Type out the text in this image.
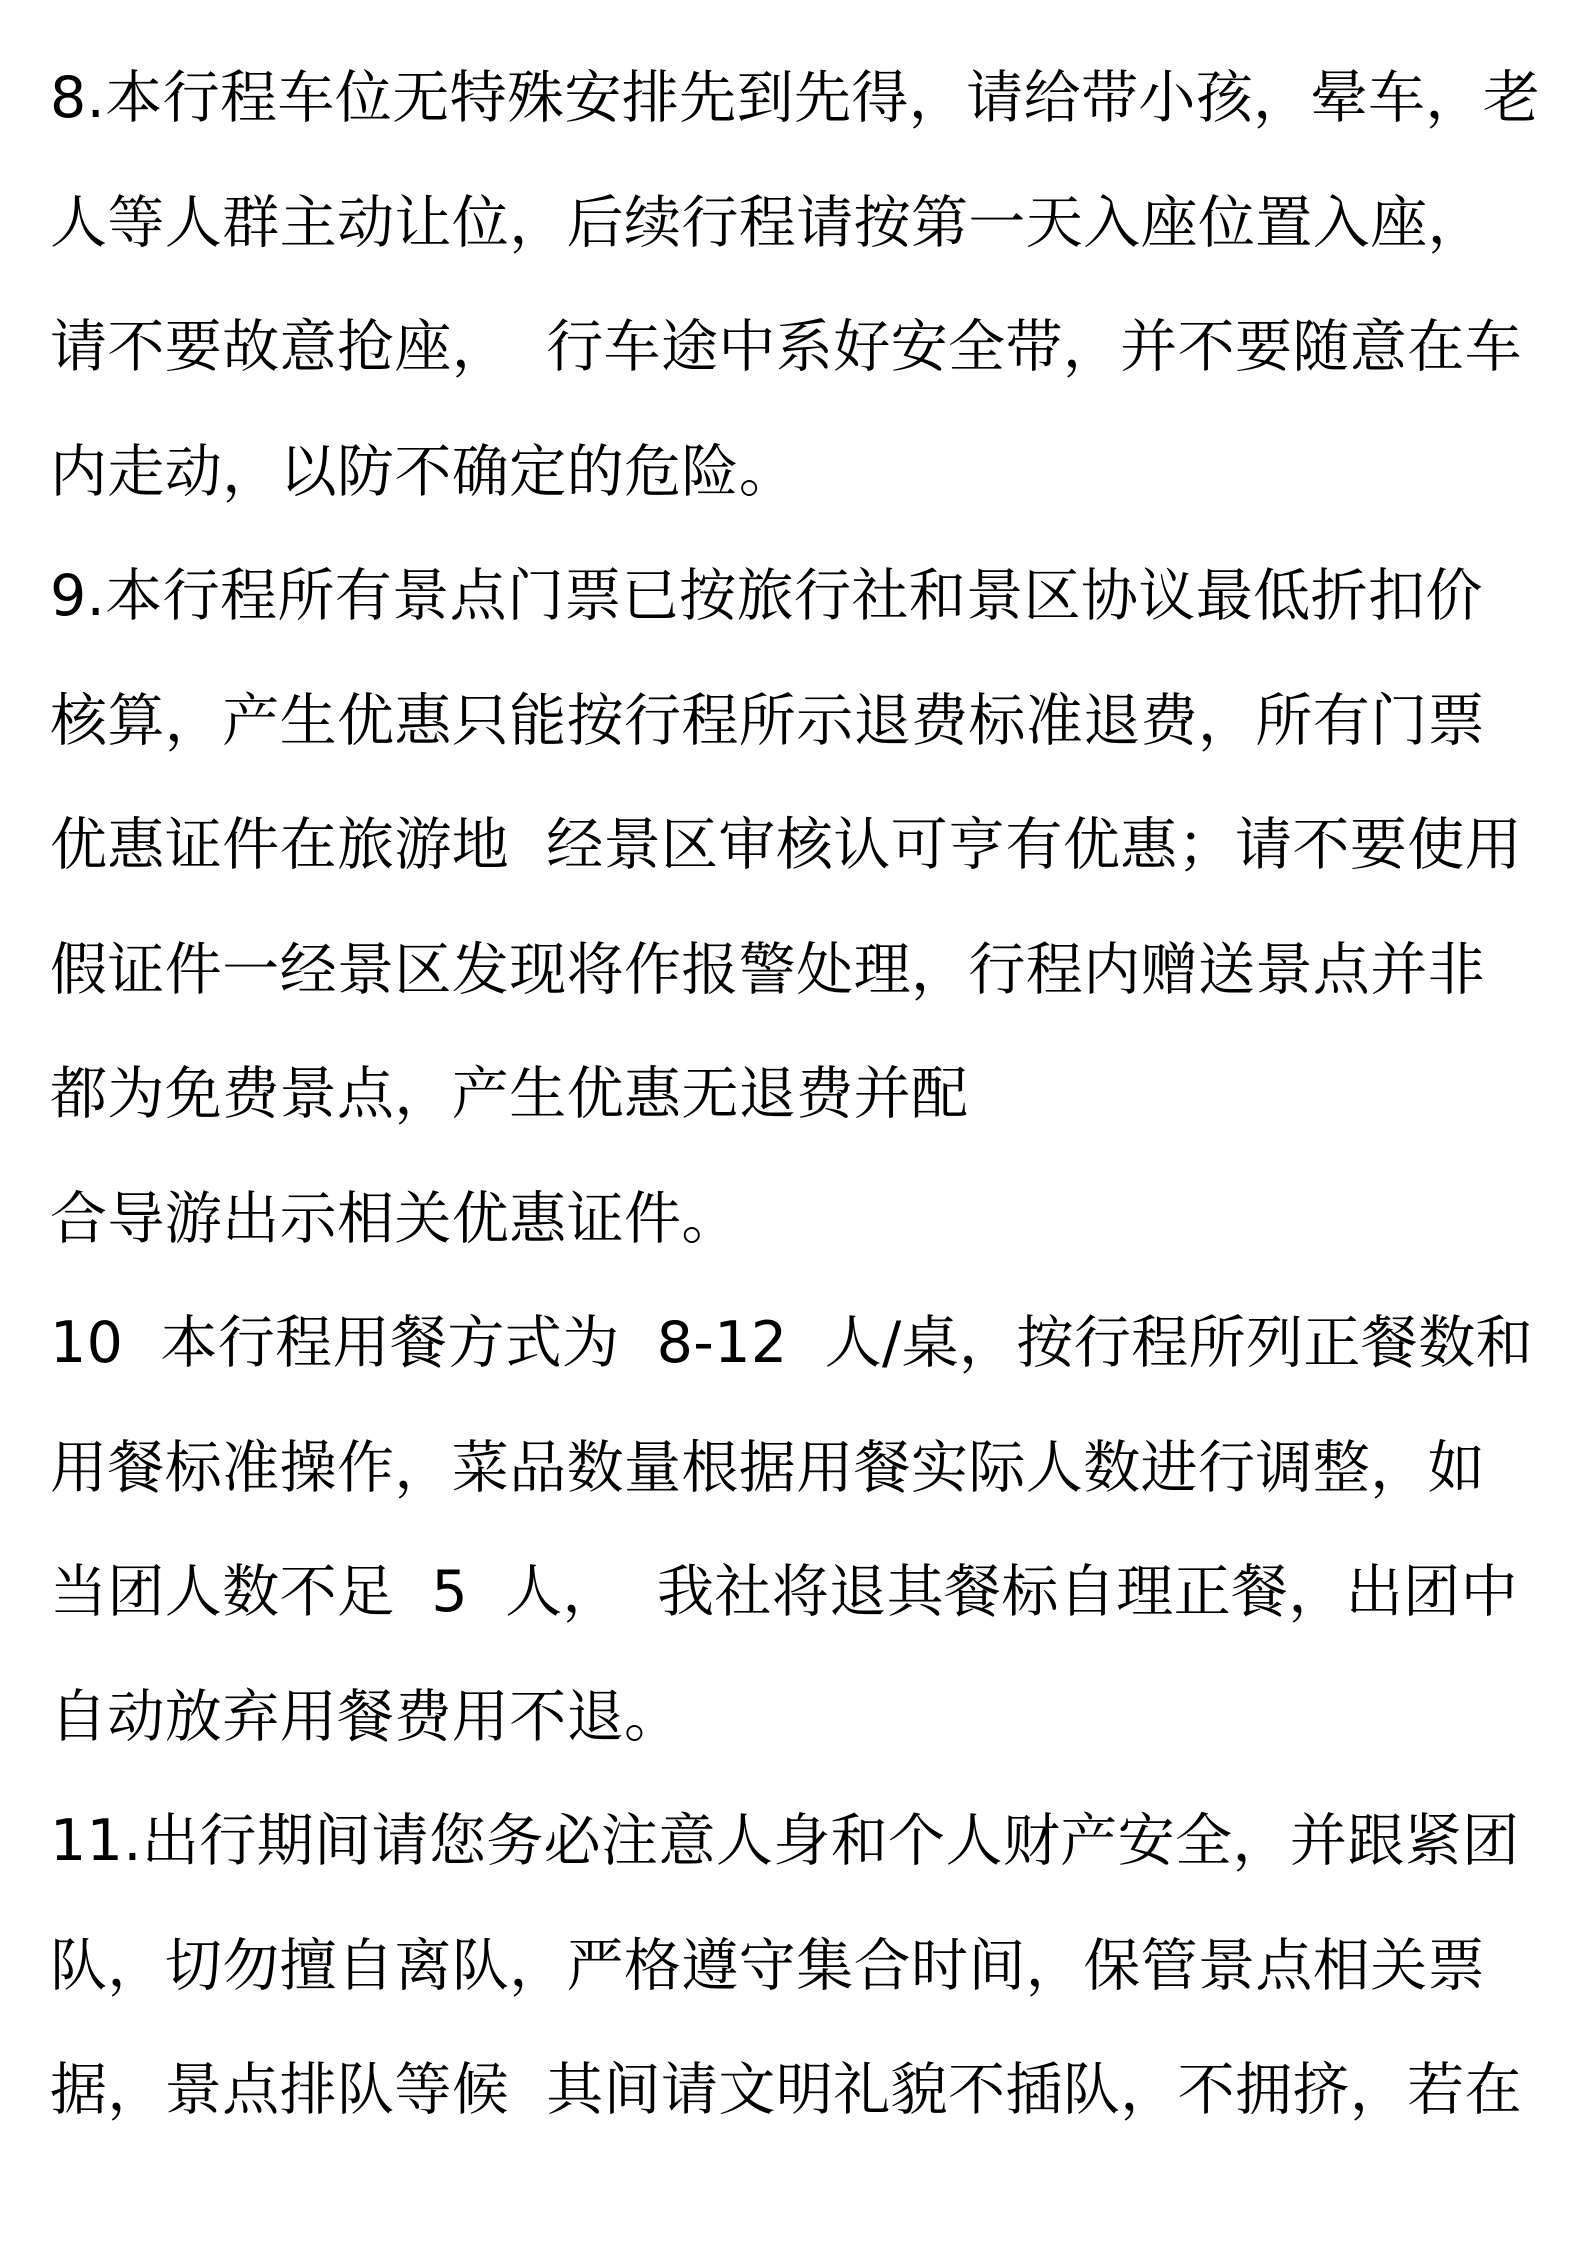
8.本行程车位无特殊安排先到先得，请给带小孩，晕车，老
人等人群主动让位，后续行程请按第一天入座位置入座，
请不要故意抢座，  行车途中系好安全带，并不要随意在车
内走动，以防不确定的危险。
9.本行程所有景点门票已按旅行社和景区协议最低折扣价
核算，产生优惠只能按行程所示退费标准退费，所有门票
优惠证件在旅游地  经景区审核认可亨有优惠；请不要使用
假证件一经景区发现将作报警处理，行程内赠送景点并非
都为免费景点，产生优惠无退费并配
合导游出示相关优惠证件。
10  本行程用餐方式为  8-12  人/桌，按行程所列正餐数和
用餐标准操作，菜品数量根据用餐实际人数进行调整，如
当团人数不足  5  人，  我社将退其餐标自理正餐，出团中
自动放弃用餐费用不退。
11.出行期间请您务必注意人身和个人财产安全，并跟紧团
队，切勿擅自离队，严格遵守集合时间，保管景点相关票
据，景点排队等候  其间请文明礼貌不插队，不拥挤，若在
